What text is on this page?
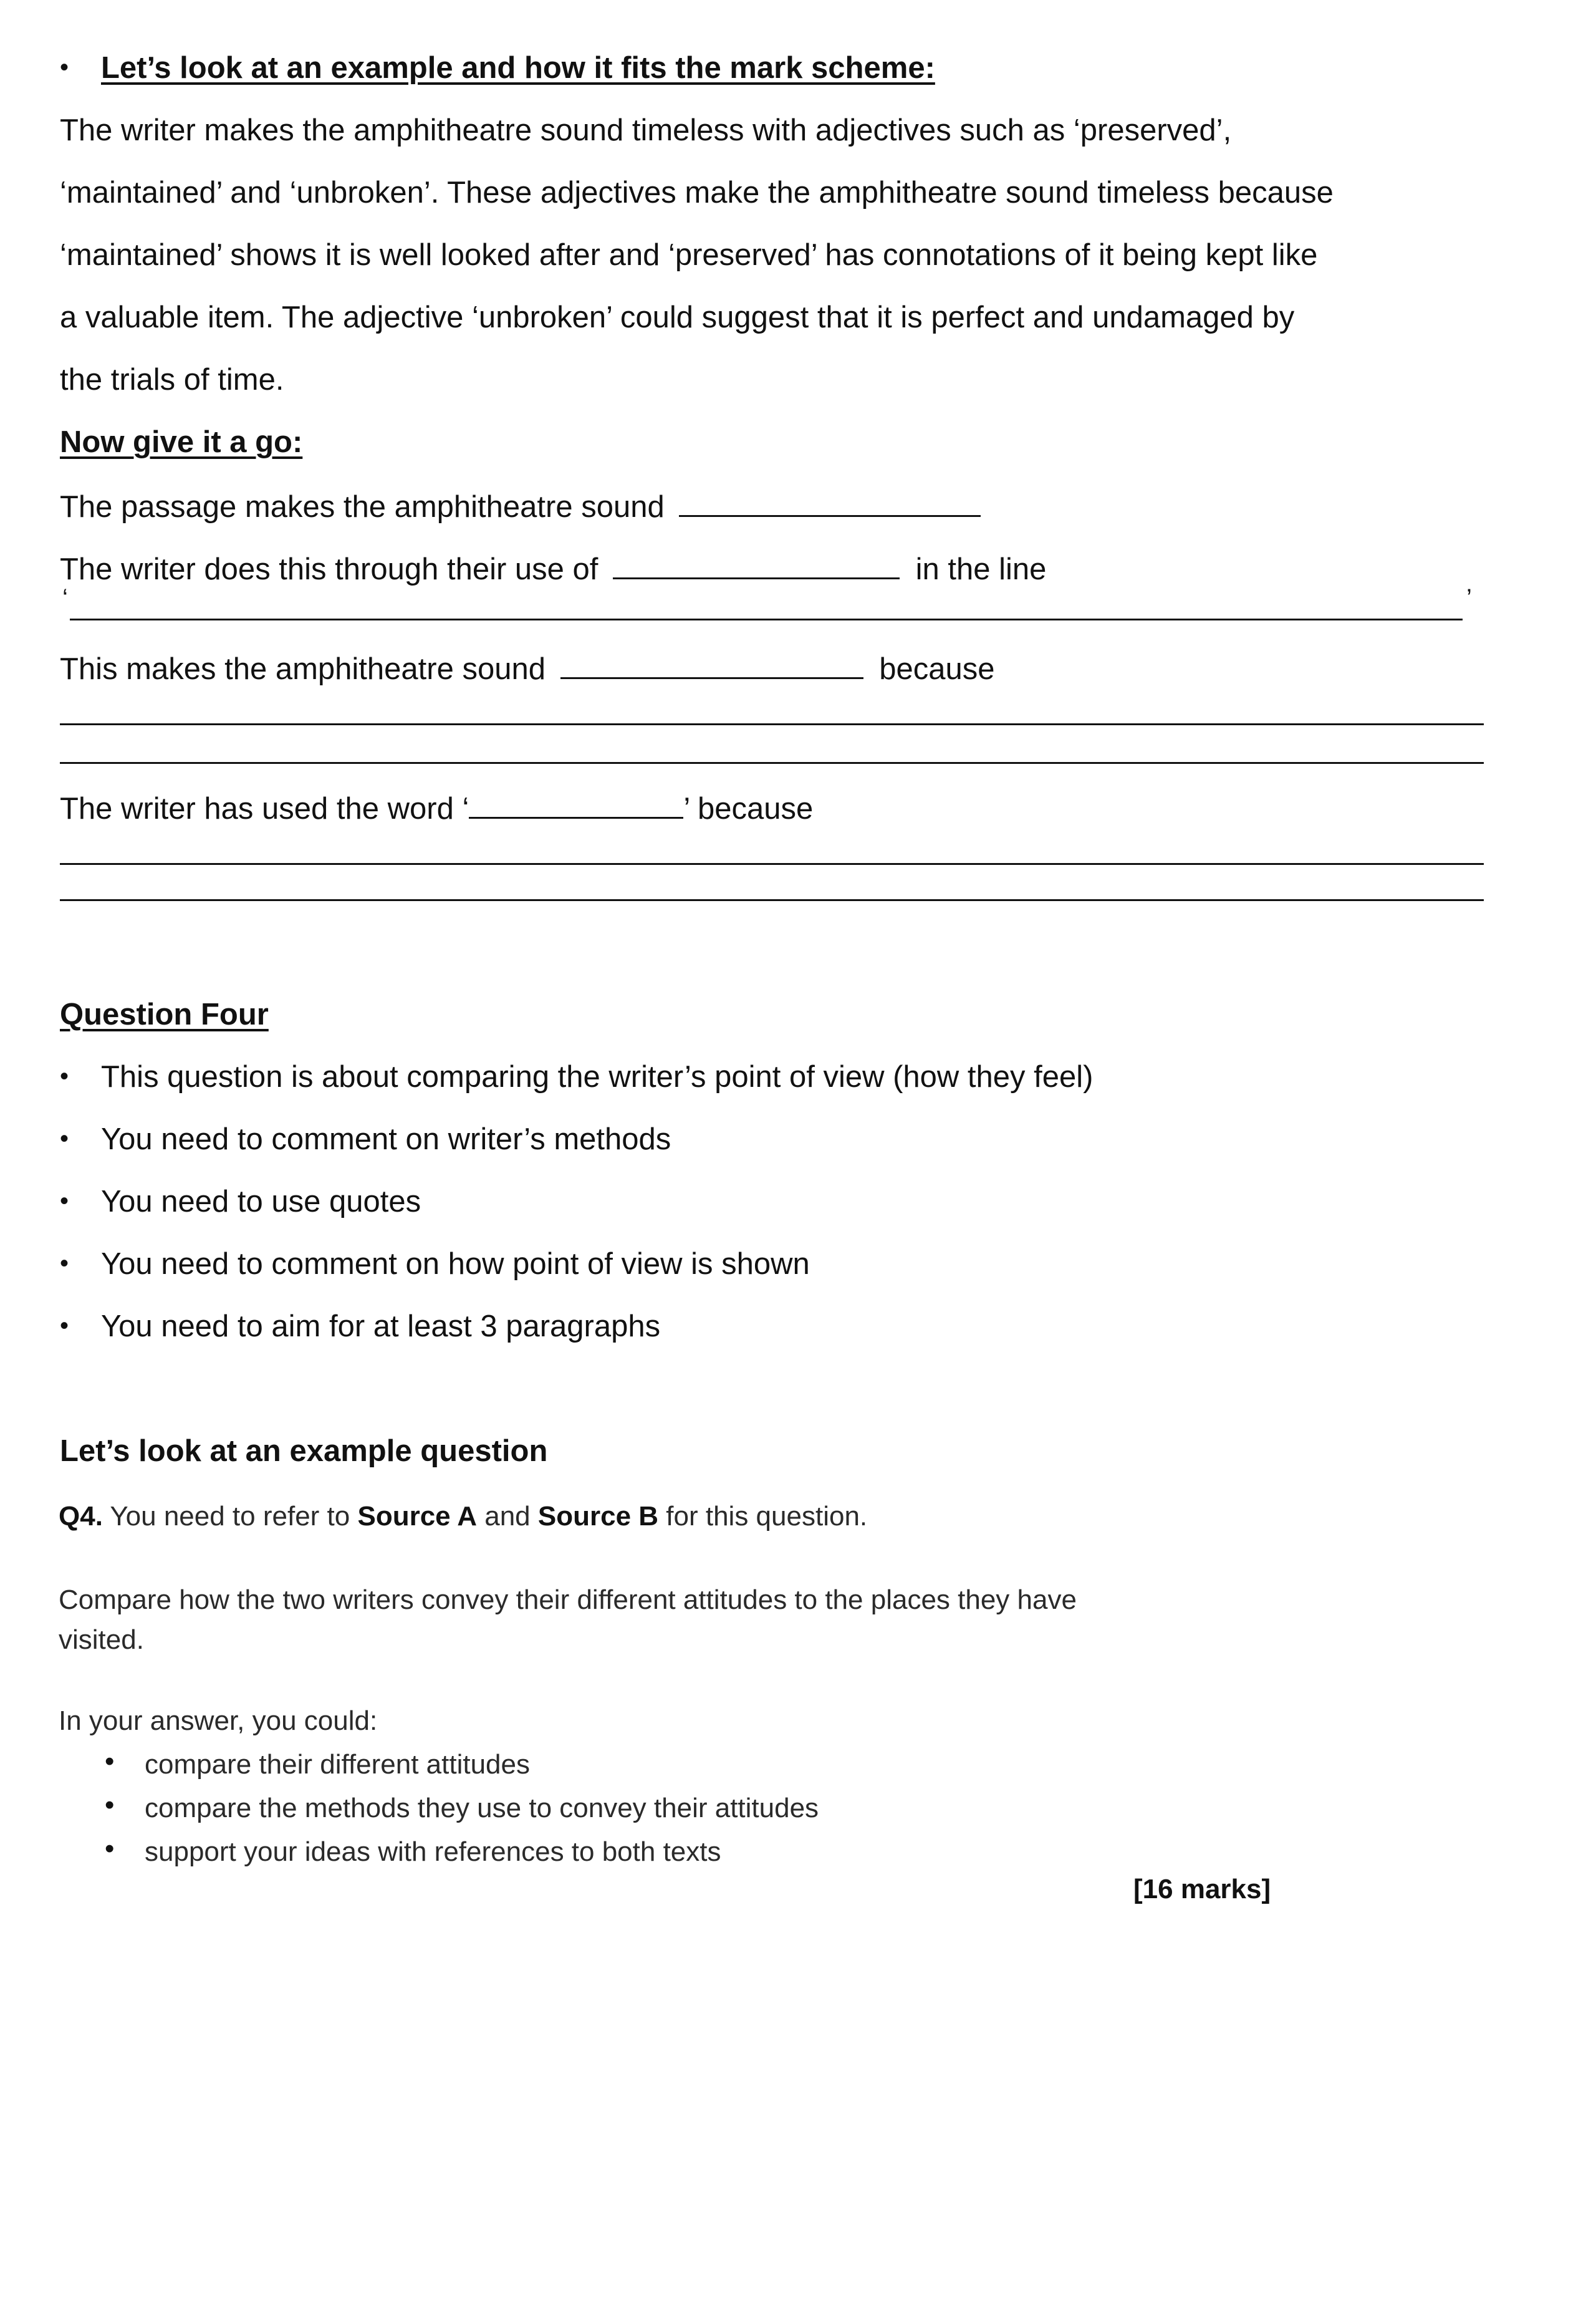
• Let’s look at an example and how it fits the mark scheme:
The writer makes the amphitheatre sound timeless with adjectives such as ‘preserved’,
‘maintained’ and ‘unbroken’. These adjectives make the amphitheatre sound timeless because
‘maintained’ shows it is well looked after and ‘preserved’ has connotations of it being kept like
a valuable item. The adjective ‘unbroken’ could suggest that it is perfect and undamaged by
the trials of time.
Now give it a go:
The passage makes the amphitheatre sound
The writer does this through their use of	in the line
‘	’
This makes the amphitheatre sound	because
The writer has used the word ‘	’ because
Question Four
• This question is about comparing the writer’s point of view (how they feel)
• You need to comment on writer’s methods
• You need to use quotes
• You need to comment on how point of view is shown
• You need to aim for at least 3 paragraphs
Let’s look at an example question
Q4. You need to refer to Source A and Source B for this question.
Compare how the two writers convey their different attitudes to the places they have
visited.
In your answer, you could:
• compare their different attitudes
• compare the methods they use to convey their attitudes
• support your ideas with references to both texts
[16 marks]
